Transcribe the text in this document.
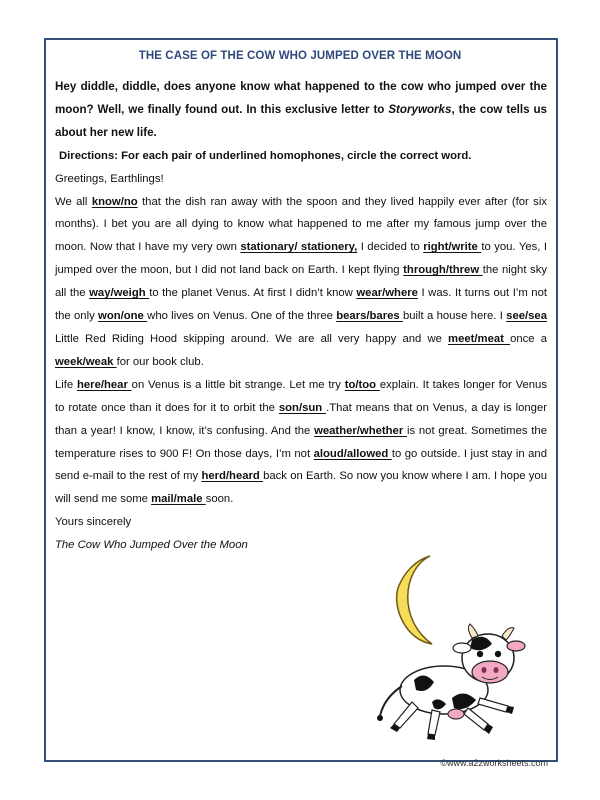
THE CASE OF THE COW WHO JUMPED OVER THE MOON

Hey diddle, diddle, does anyone know what happened to the cow who jumped over the moon? Well, we finally found out. In this exclusive letter to Storyworks, the cow tells us about her new life.

Directions: For each pair of underlined homophones, circle the correct word.

Greetings, Earthlings!

We all know/no that the dish ran away with the spoon and they lived happily ever after (for six months). I bet you are all dying to know what happened to me after my famous jump over the moon. Now that I have my very own stationary/ stationery, I decided to right/write to you. Yes, I jumped over the moon, but I did not land back on Earth. I kept flying through/threw the night sky all the way/weigh to the planet Venus. At first I didn’t know wear/where I was. It turns out I’m not the only won/one who lives on Venus. One of the three bears/bares built a house here. I see/sea Little Red Riding Hood skipping around. We are all very happy and we meet/meat once a week/weak for our book club.

Life here/hear on Venus is a little bit strange. Let me try to/too explain. It takes longer for Venus to rotate once than it does for it to orbit the son/sun .That means that on Venus, a day is longer than a year! I know, I know, it’s confusing. And the weather/whether is not great. Sometimes the temperature rises to 900 F! On those days, I’m not aloud/allowed to go outside. I just stay in and send e-mail to the rest of my herd/heard back on Earth. So now you know where I am. I hope you will send me some mail/male soon.

Yours sincerely

The Cow Who Jumped Over the Moon

©www.a2zworksheets.com
